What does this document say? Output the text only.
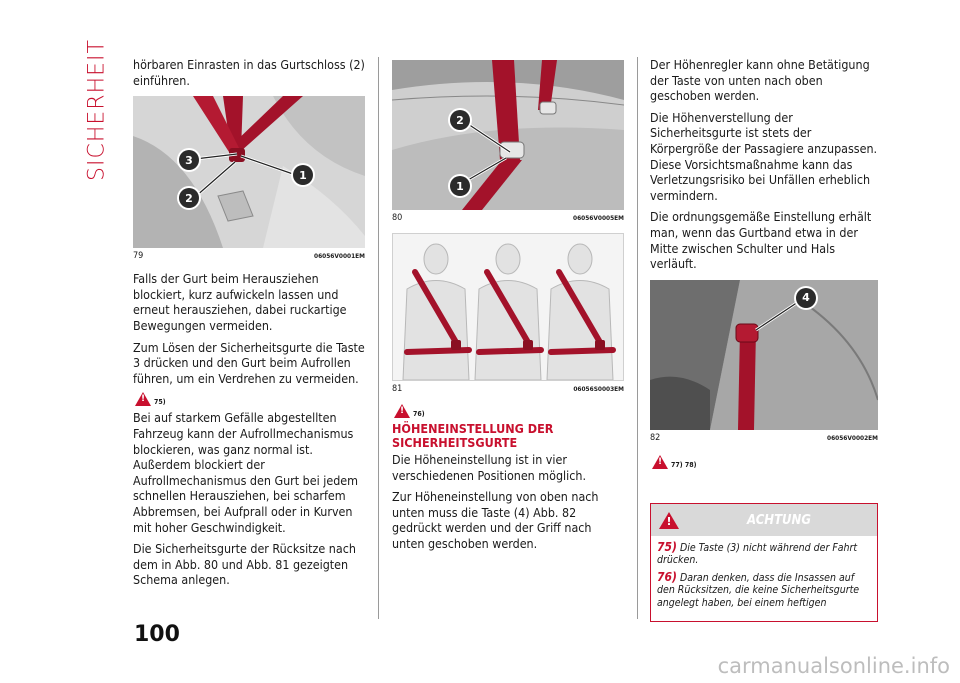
SICHERHEIT hörbaren Einrasten in das Gurtschloss (2) einführen.

3
1
2
79	06056V0001EM

Falls der Gurt beim Herausziehen blockiert, kurz aufwickeln lassen und erneut herausziehen, dabei ruckartige Bewegungen vermeiden.

Zum Lösen der Sicherheitsgurte die Taste 3 drücken und den Gurt beim Aufrollen führen, um ein Verdrehen zu vermeiden.

!
75)

Bei auf starkem Gefälle abgestellten Fahrzeug kann der Aufrollmechanismus blockieren, was ganz normal ist. Außerdem blockiert der Aufrollmechanismus den Gurt bei jedem schnellen Herausziehen, bei scharfem Abbremsen, bei Aufprall oder in Kurven mit hoher Geschwindigkeit.

Die Sicherheitsgurte der Rücksitze nach dem in Abb. 80 und Abb. 81 gezeigten Schema anlegen.

2
1
80	06056V0005EM
81	06056S0003EM
!
76)
HÖHENEINSTELLUNG DER SICHERHEITSGURTE

Die Höheneinstellung ist in vier verschiedenen Positionen möglich.

Zur Höheneinstellung von oben nach unten muss die Taste (4) Abb. 82 gedrückt werden und der Griff nach unten geschoben werden.

Der Höhenregler kann ohne Betätigung der Taste von unten nach oben geschoben werden.

Die Höhenverstellung der Sicherheitsgurte ist stets der Körpergröße der Passagiere anzupassen. Diese Vorsichtsmaßnahme kann das Verletzungsrisiko bei Unfällen erheblich vermindern.

Die ordnungsgemäße Einstellung erhält man, wenn das Gurtband etwa in der Mitte zwischen Schulter und Hals verläuft.

4
82	06056V0002EM
!
77) 78)
!
ACHTUNG

75) Die Taste (3) nicht während der Fahrt drücken.

76) Daran denken, dass die Insassen auf den Rücksitzen, die keine Sicherheitsgurte angelegt haben, bei einem heftigen

100
carmanualsonline.info
